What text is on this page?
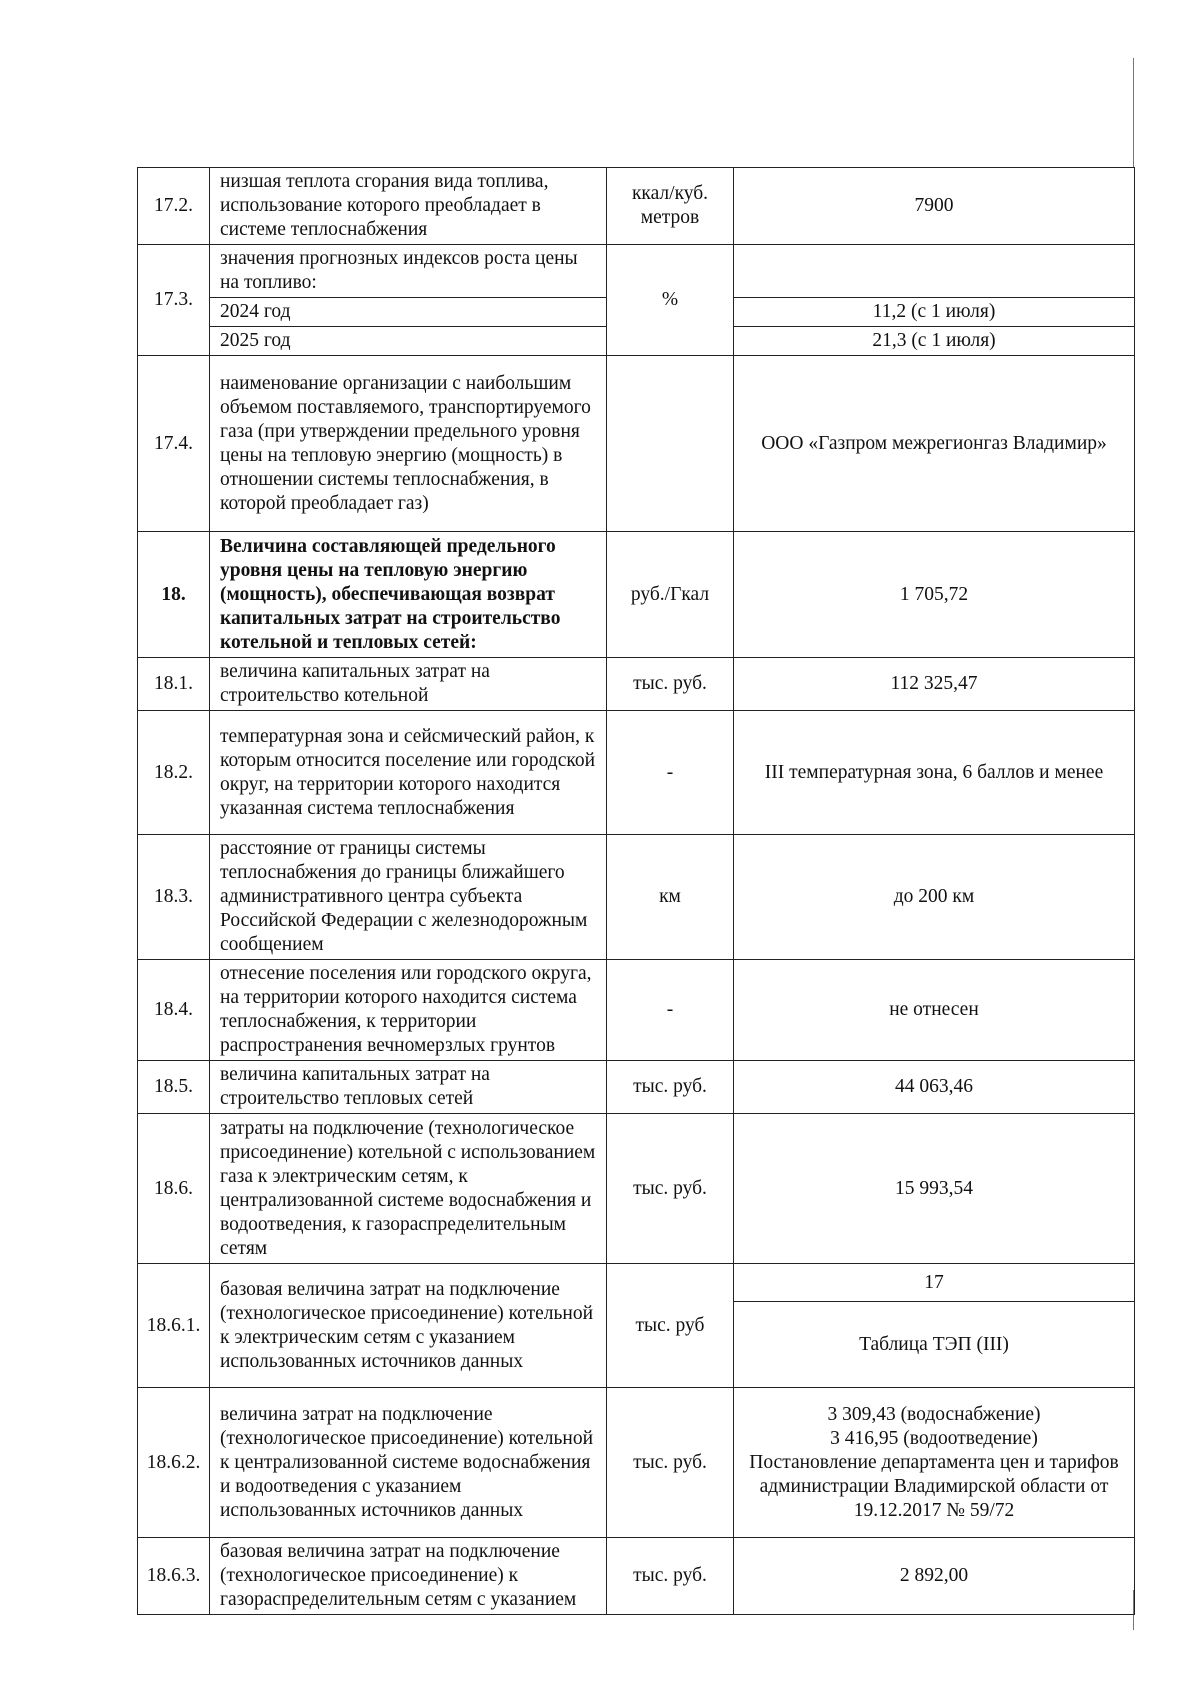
17.2.	низшая теплота сгорания вида топлива, использование которого преобладает в системе теплоснабжения	ккал/куб. метров	7900
17.3.	значения прогнозных индексов роста цены на топливо:	%	
	2024 год		11,2 (с 1 июля)
	2025 год		21,3 (с 1 июля)
17.4.	наименование организации с наибольшим объемом поставляемого, транспортируемого газа (при утверждении предельного уровня цены на тепловую энергию (мощность) в отношении системы теплоснабжения, в которой преобладает газ)		ООО «Газпром межрегионгаз Владимир»
18.	Величина составляющей предельного уровня цены на тепловую энергию (мощность), обеспечивающая возврат капитальных затрат на строительство котельной и тепловых сетей:	руб./Гкал	1 705,72
18.1.	величина капитальных затрат на строительство котельной	тыс. руб.	112 325,47
18.2.	температурная зона и сейсмический район, к которым относится поселение или городской округ, на территории которого находится указанная система теплоснабжения	-	III температурная зона, 6 баллов и менее
18.3.	расстояние от границы системы теплоснабжения до границы ближайшего административного центра субъекта Российской Федерации с железнодорожным сообщением	км	до 200 км
18.4.	отнесение поселения или городского округа, на территории которого находится система теплоснабжения, к территории распространения вечномерзлых грунтов	-	не отнесен
18.5.	величина капитальных затрат на строительство тепловых сетей	тыс. руб.	44 063,46
18.6.	затраты на подключение (технологическое присоединение) котельной с использованием газа к электрическим сетям, к централизованной системе водоснабжения и водоотведения, к газораспределительным сетям	тыс. руб.	15 993,54
18.6.1.	базовая величина затрат на подключение (технологическое присоединение) котельной к электрическим сетям с указанием использованных источников данных	тыс. руб	17
			Таблица ТЭП (III)
18.6.2.	величина затрат на подключение (технологическое присоединение) котельной к централизованной системе водоснабжения и водоотведения с указанием использованных источников данных	тыс. руб.	3 309,43 (водоснабжение)
3 416,95 (водоотведение)
Постановление департамента цен и тарифов администрации Владимирской области от 19.12.2017 № 59/72

18.6.3.	базовая величина затрат на подключение (технологическое присоединение) к газораспределительным сетям с указанием	тыс. руб.	2 892,00
